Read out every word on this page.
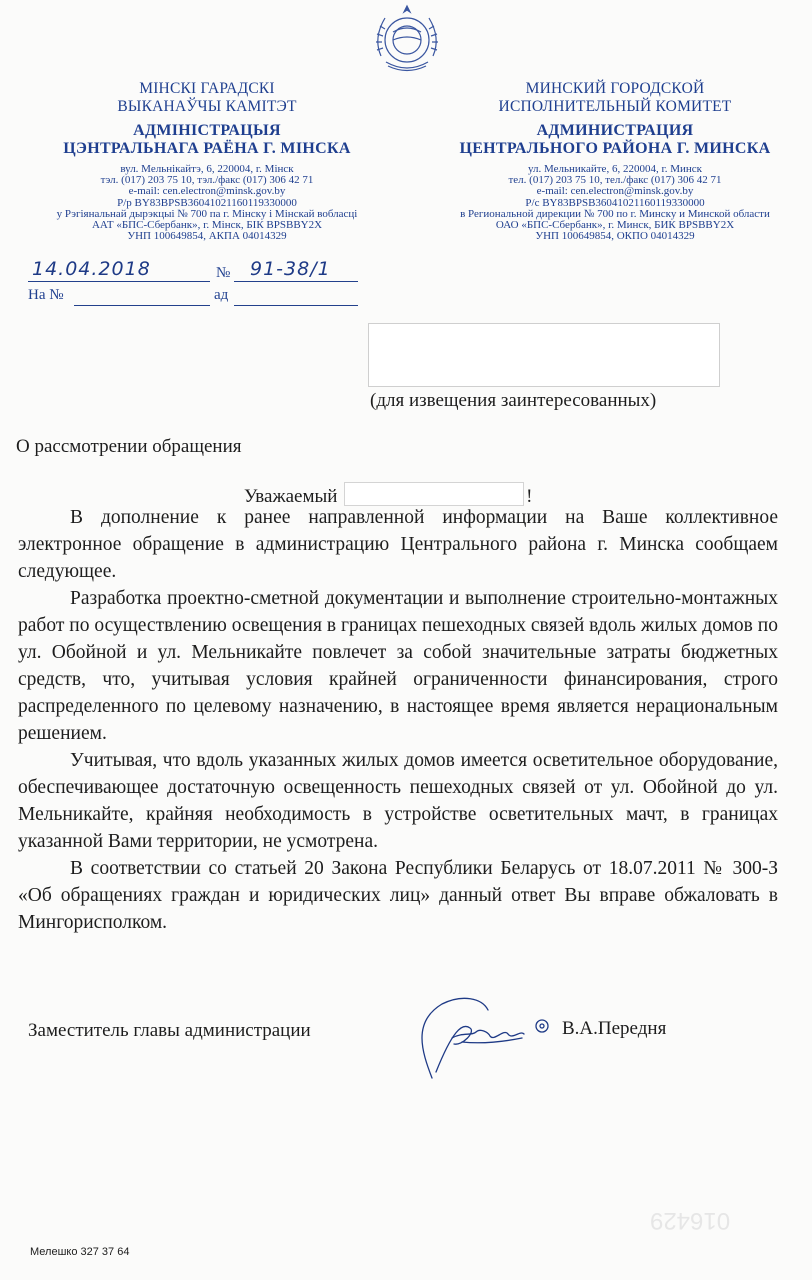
МІНСКІ ГАРАДСКІ
ВЫКАНАЎЧЫ КАМІТЭТ
АДМІНІСТРАЦЫЯ
ЦЭНТРАЛЬНАГА РАЁНА Г. МІНСКА
вул. Мельнікайтэ, 6, 220004, г. Мінск
тэл. (017) 203 75 10, тэл./факс (017) 306 42 71
e-mail: cen.electron@minsk.gov.by
Р/р BY83BPSB36041021160119330000
у Рэгіянальнай дырэкцыі № 700 па г. Мінску і Мінскай вобласці
ААТ «БПС-Сбербанк», г. Мінск, БІК BPSBBY2X
УНП 100649854, АКПА 04014329
МИНСКИЙ ГОРОДСКОЙ
ИСПОЛНИТЕЛЬНЫЙ КОМИТЕТ
АДМИНИСТРАЦИЯ
ЦЕНТРАЛЬНОГО РАЙОНА Г. МИНСКА
ул. Мельникайте, 6, 220004, г. Минск
тел. (017) 203 75 10, тел./факс (017) 306 42 71
e-mail: cen.electron@minsk.gov.by
Р/с BY83BPSB36041021160119330000
в Региональной дирекции № 700 по г. Минску и Минской области
ОАО «БПС-Сбербанк», г. Минск, БИК BPSBBY2X
УНП 100649854, ОКПО 04014329
14.04.2018	№ 91-38/1
На №	ад
(для извещения заинтересованных)
О рассмотрении обращения
Уважаемый	!

В дополнение к ранее направленной информации на Ваше коллективное электронное обращение в администрацию Центрального района г. Минска сообщаем следующее.

Разработка проектно-сметной документации и выполнение строительно-монтажных работ по осуществлению освещения в границах пешеходных связей вдоль жилых домов по ул. Обойной и ул. Мельникайте повлечет за собой значительные затраты бюджетных средств, что, учитывая условия крайней ограниченности финансирования, строго распределенного по целевому назначению, в настоящее время является нерациональным решением.

Учитывая, что вдоль указанных жилых домов имеется осветительное оборудование, обеспечивающее достаточную освещенность пешеходных связей от ул. Обойной до ул. Мельникайте, крайняя необходимость в устройстве осветительных мачт, в границах указанной Вами территории, не усмотрена.

В соответствии со статьей 20 Закона Республики Беларусь от 18.07.2011 № 300-З «Об обращениях граждан и юридических лиц» данный ответ Вы вправе обжаловать в Мингорисполком.

Заместитель главы администрации	В.А.Передня
016429
Мелешко 327 37 64
